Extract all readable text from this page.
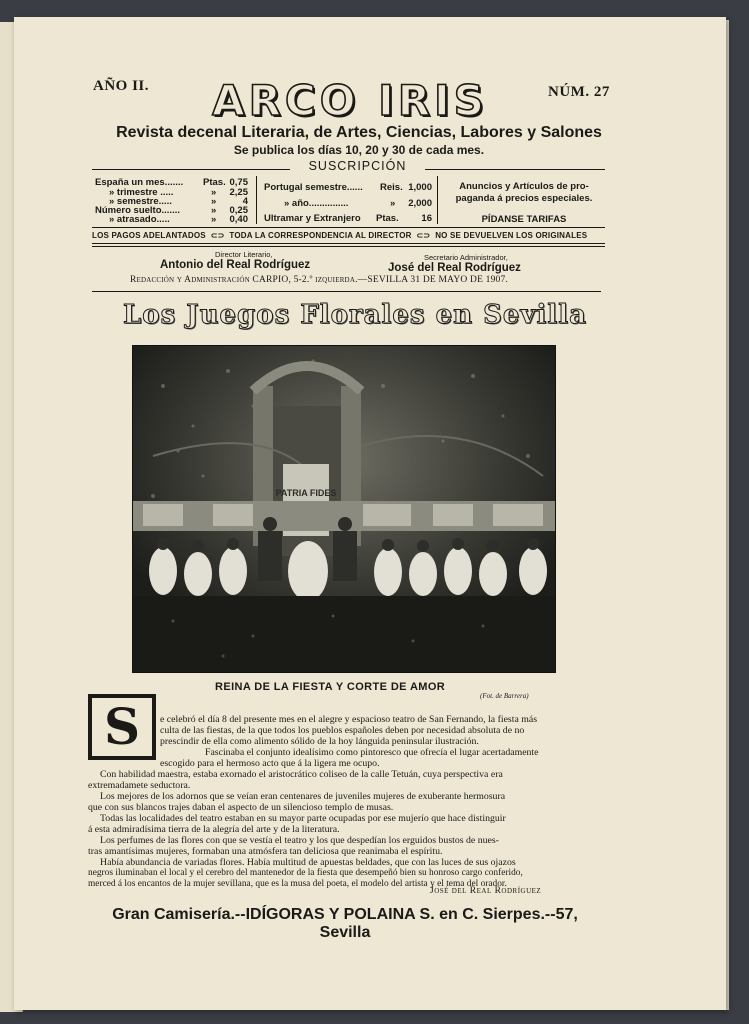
AÑO II.	ARCO IRIS	NÚM. 27
Revista decenal Literaria, de Artes, Ciencias, Labores y Salones
Se publica los días 10, 20 y 30 de cada mes.
SUSCRIPCIÓN
España un mes....... Ptas. 0,75
» trimestre .....	»	2,25
» semestre.....	»	4
Número suelto.......	»	0,25
» atrasado.....	»	0,40
Portugal semestre...... Reis. 1,000
» año...............	»	2,000
Ultramar y Extranjero Ptas.	16
Anuncios y Artículos de pro-
paganda á precios especiales.
PÍDANSE TARIFAS
LOS PAGOS ADELANTADOS ⊂⊃ TODA LA CORRESPONDENCIA AL DIRECTOR ⊂⊃ NO SE DEVUELVEN LOS ORIGINALES
Director Literario,
Antonio del Real Rodríguez
Secretario Administrador,
José del Real Rodríguez
Redacción y Administración CARPIO, 5-2.º izquierda.—SEVILLA 31 DE MAYO DE 1907.
Los Juegos Florales en Sevilla
PATRIA FIDES
REINA DE LA FIESTA Y CORTE DE AMOR
(Fot. de Barrera)
S	e celebró el día 8 del presente mes en el alegre y espacioso teatro de San Fernando, la fiesta más
culta de las fiestas, de la que todos los pueblos españoles deben por necesidad absoluta de no
prescindir de ella como alimento sólido de la hoy lánguida peninsular ilustración.
Fascinaba el conjunto idealísimo como pintoresco que ofrecía el lugar acertadamente
escogido para el hermoso acto que á la ligera me ocupo.
Con habilidad maestra, estaba exornado el aristocrático coliseo de la calle Tetuán, cuya perspectiva era
extremadamete seductora.
Los mejores de los adornos que se veían eran centenares de juveniles mujeres de exuberante hermosura
que con sus blancos trajes daban el aspecto de un silencioso templo de musas.
Todas las localidades del teatro estaban en su mayor parte ocupadas por ese mujerío que hace distinguir
á esta admiradísima tierra de la alegría del arte y de la literatura.
Los perfumes de las flores con que se vestía el teatro y los que despedían los erguidos bustos de nues-
tras amantísimas mujeres, formaban una atmósfera tan deliciosa que reanimaba el espíritu.
Había abundancia de variadas flores. Había multitud de apuestas beldades, que con las luces de sus ojazos
negros iluminaban el local y el cerebro del mantenedor de la fiesta que desempeñó bien su honroso cargo conferido,
merced á los encantos de la mujer sevillana, que es la musa del poeta, el modelo del artista y el tema del orador.
José del Real Rodríguez
Gran Camisería.--IDÍGORAS Y POLAINA S. en C. Sierpes.--57, Sevilla
